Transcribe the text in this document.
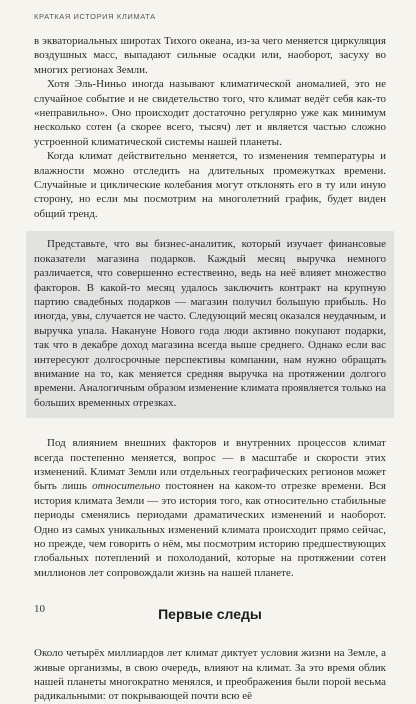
КРАТКАЯ ИСТОРИЯ КЛИМАТА

в экваториальных широтах Тихого океана, из-за чего меняется циркуляция воздушных масс, выпадают сильные осадки или, наоборот, засуху во многих регионах Земли.

Хотя Эль-Ниньо иногда называют климатической аномалией, это не случайное событие и не свидетельство того, что климат ведёт себя как-то «неправильно». Оно происходит достаточно регулярно уже как минимум несколько сотен (а скорее всего, тысяч) лет и является частью сложно устроенной климатической системы нашей планеты.

Когда климат действительно меняется, то изменения температуры и влажности можно отследить на длительных промежутках времени. Случайные и циклические колебания могут отклонять его в ту или иную сторону, но если мы посмотрим на многолетний график, будет виден общий тренд.

Представьте, что вы бизнес-аналитик, который изучает финансовые показатели магазина подарков. Каждый месяц выручка немного различается, что совершенно естественно, ведь на неё влияет множество факторов. В какой-то месяц удалось заключить контракт на крупную партию свадебных подарков — магазин получил большую прибыль. Но иногда, увы, случается не часто. Следующий месяц оказался неудачным, и выручка упала. Накануне Нового года люди активно покупают подарки, так что в декабре доход магазина всегда выше среднего. Однако если вас интересуют долгосрочные перспективы компании, нам нужно обращать внимание на то, как меняется средняя выручка на протяжении долгого времени. Аналогичным образом изменение климата проявляется только на больших временных отрезках.

Под влиянием внешних факторов и внутренних процессов климат всегда постепенно меняется, вопрос — в масштабе и скорости этих изменений. Климат Земли или отдельных географических регионов может быть лишь относительно постоянен на каком-то отрезке времени. Вся история климата Земли — это история того, как относительно стабильные периоды сменялись периодами драматических изменений и наоборот. Одно из самых уникальных изменений климата происходит прямо сейчас, но прежде, чем говорить о нём, мы посмотрим историю предшествующих глобальных потеплений и похолоданий, которые на протяжении сотен миллионов лет сопровождали жизнь на нашей планете.

Первые следы

Около четырёх миллиардов лет климат диктует условия жизни на Земле, а живые организмы, в свою очередь, влияют на климат. За это время облик нашей планеты многократно менялся, и преображения были порой весьма радикальными: от покрывающей почти всю её

10
